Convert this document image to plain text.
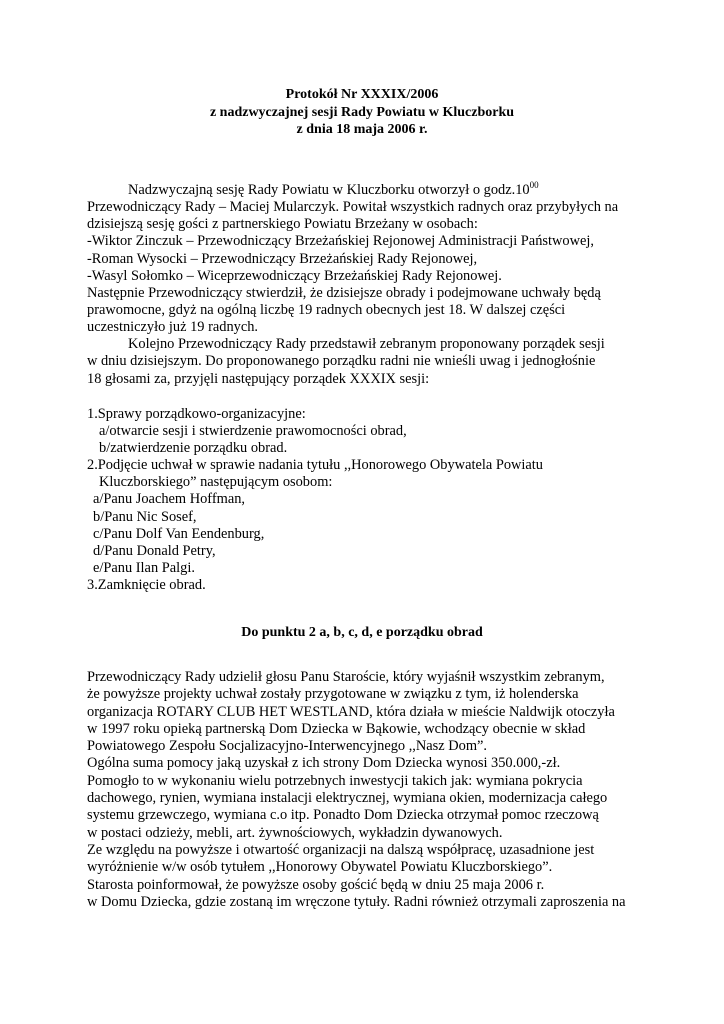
Protokół Nr XXXIX/2006
z nadzwyczajnej sesji Rady Powiatu w Kluczborku
z dnia 18 maja 2006 r.
Nadzwyczajną sesję Rady Powiatu w Kluczborku otworzył o $godz.10^{00}$
Przewodniczący Rady – Maciej Mularczyk. Powitał wszystkich radnych oraz przybyłych na
dzisiejszą sesję gości z partnerskiego Powiatu Brzeżany w osobach:
-Wiktor Zinczuk – Przewodniczący Brzeżańskiej Rejonowej Administracji Państwowej,
-Roman Wysocki – Przewodniczący Brzeżańskiej Rady Rejonowej,
-Wasyl Sołomko – Wiceprzewodniczący Brzeżańskiej Rady Rejonowej.
Następnie Przewodniczący stwierdził, że dzisiejsze obrady i podejmowane uchwały będą
prawomocne, gdyż na ogólną liczbę 19 radnych obecnych jest 18. W dalszej części
uczestniczyło już 19 radnych.
Kolejno Przewodniczący Rady przedstawił zebranym proponowany porządek sesji
w dniu dzisiejszym. Do proponowanego porządku radni nie wnieśli uwag i jednogłośnie
18 głosami za, przyjęli następujący porządek XXXIX sesji:
1.Sprawy porządkowo-organizacyjne:
a/otwarcie sesji i stwierdzenie prawomocności obrad,
b/zatwierdzenie porządku obrad.
2.Podjęcie uchwał w sprawie nadania tytułu ,,Honorowego Obywatela Powiatu
Kluczborskiego” następującym osobom:
a/Panu Joachem Hoffman,
b/Panu Nic Sosef,
c/Panu Dolf Van Eendenburg,
d/Panu Donald Petry,
e/Panu Ilan Palgi.
3.Zamknięcie obrad.
Do punktu 2 a, b, c, d, e porządku obrad
Przewodniczący Rady udzielił głosu Panu Staroście, który wyjaśnił wszystkim zebranym,
że powyższe projekty uchwał zostały przygotowane w związku z tym, iż holenderska
organizacja ROTARY CLUB HET WESTLAND, która działa w mieście Naldwijk otoczyła
w 1997 roku opieką partnerską Dom Dziecka w Bąkowie, wchodzący obecnie w skład
Powiatowego Zespołu Socjalizacyjno-Interwencyjnego ,,Nasz Dom”.
Ogólna suma pomocy jaką uzyskał z ich strony Dom Dziecka wynosi 350.000,-zł.
Pomogło to w wykonaniu wielu potrzebnych inwestycji takich jak: wymiana pokrycia
dachowego, rynien, wymiana instalacji elektrycznej, wymiana okien, modernizacja całego
systemu grzewczego, wymiana c.o itp. Ponadto Dom Dziecka otrzymał pomoc rzeczową
w postaci odzieży, mebli, art. żywnościowych, wykładzin dywanowych.
Ze względu na powyższe i otwartość organizacji na dalszą współpracę, uzasadnione jest
wyróżnienie w/w osób tytułem ,,Honorowy Obywatel Powiatu Kluczborskiego”.
Starosta poinformował, że powyższe osoby gościć będą w dniu 25 maja 2006 r.
w Domu Dziecka, gdzie zostaną im wręczone tytuły. Radni również otrzymali zaproszenia na
